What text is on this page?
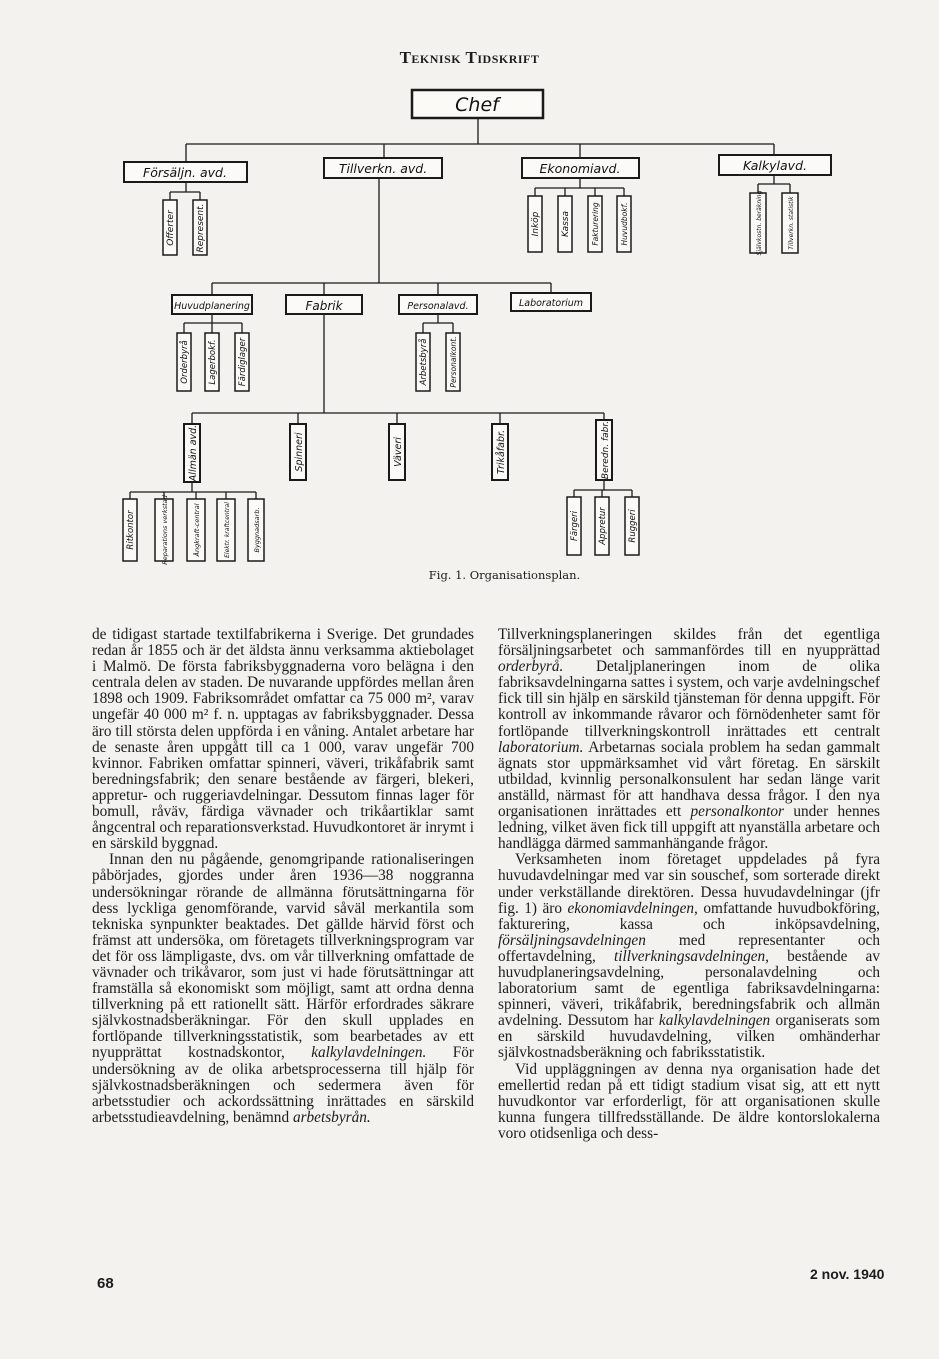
Teknisk Tidskrift
Chef
Försäljn. avd.	Tillverkn. avd.	Ekonomiavd.	Kalkylavd.
Offerter Represent.	Inköp Kassa	Fakturering	Huvudbokf.	Självkostn. beräkning	Tillverkn. statistik
Huvudplanering	Fabrik	Personalavd.	Laboratorium
Orderbyrå Lagerbokf. Färdiglager	Arbetsbyrå	Personalkont.
Allmän avd.	Spinneri	Väveri	Trikåfabr.	Beredn. fabr.
Ritkontor	Reparations verkstad	Ångkraft-central	Elektr. kraftcentral	Byggnadsarb.	Färgeri Appretur Ruggeri
Fig. 1. Organisationsplan.

de tidigast startade textilfabrikerna i Sverige. Det grundades redan år 1855 och är det äldsta ännu verksamma aktiebolaget i Malmö. De första fabriksbyggnaderna voro belägna i den centrala delen av staden. De nuvarande uppfördes mellan åren 1898 och 1909. Fabriksområdet omfattar ca 75 000 m², varav ungefär 40 000 m² f. n. upptagas av fabriksbyggnader. Dessa äro till största delen uppförda i en våning. Antalet arbetare har de senaste åren uppgått till ca 1 000, varav ungefär 700 kvinnor. Fabriken omfattar spinneri, väveri, trikåfabrik samt beredningsfabrik; den senare bestående av färgeri, blekeri, appretur- och ruggeriavdelningar. Dessutom finnas lager för bomull, råväv, färdiga vävnader och trikåartiklar samt ångcentral och reparationsverkstad. Huvudkontoret är inrymt i en särskild byggnad.

Innan den nu pågående, genomgripande rationaliseringen påbörjades, gjordes under åren 1936—38 noggranna undersökningar rörande de allmänna förutsättningarna för dess lyckliga genomförande, varvid såväl merkantila som tekniska synpunkter beaktades. Det gällde härvid först och främst att undersöka, om företagets tillverkningsprogram var det för oss lämpligaste, dvs. om vår tillverkning omfattade de vävnader och trikåvaror, som just vi hade förutsättningar att framställa så ekonomiskt som möjligt, samt att ordna denna tillverkning på ett rationellt sätt. Härför erfordrades säkrare självkostnadsberäkningar. För den skull upplades en fortlöpande tillverkningsstatistik, som bearbetades av ett nyupprättat kostnadskontor, kalkylavdelningen. För undersökning av de olika arbetsprocesserna till hjälp för självkostnadsberäkningen och sedermera även för arbetsstudier och ackordssättning inrättades en särskild arbetsstudieavdelning, benämnd arbetsbyrån.

Tillverkningsplaneringen skildes från det egentliga försäljningsarbetet och sammanfördes till en nyupprättad orderbyrå. Detaljplaneringen inom de olika fabriksavdelningarna sattes i system, och varje avdelningschef fick till sin hjälp en särskild tjänsteman för denna uppgift. För kontroll av inkommande råvaror och förnödenheter samt för fortlöpande tillverkningskontroll inrättades ett centralt laboratorium. Arbetarnas sociala problem ha sedan gammalt ägnats stor uppmärksamhet vid vårt företag. En särskilt utbildad, kvinnlig personalkonsulent har sedan länge varit anställd, närmast för att handhava dessa frågor. I den nya organisationen inrättades ett personalkontor under hennes ledning, vilket även fick till uppgift att nyanställa arbetare och handlägga därmed sammanhängande frågor.

Verksamheten inom företaget uppdelades på fyra huvudavdelningar med var sin souschef, som sorterade direkt under verkställande direktören. Dessa huvudavdelningar (jfr fig. 1) äro ekonomiavdelningen, omfattande huvudbokföring, fakturering, kassa och inköpsavdelning, försäljningsavdelningen med representanter och offertavdelning, tillverkningsavdelningen, bestående av huvudplaneringsavdelning, personalavdelning och laboratorium samt de egentliga fabriksavdelningarna: spinneri, väveri, trikåfabrik, beredningsfabrik och allmän avdelning. Dessutom har kalkylavdelningen organiserats som en särskild huvudavdelning, vilken omhänderhar självkostnadsberäkning och fabriksstatistik.

Vid uppläggningen av denna nya organisation hade det emellertid redan på ett tidigt stadium visat sig, att ett nytt huvudkontor var erforderligt, för att organisationen skulle kunna fungera tillfredsställande. De äldre kontorslokalerna voro otidsenliga och dess-

68
2 nov. 1940
